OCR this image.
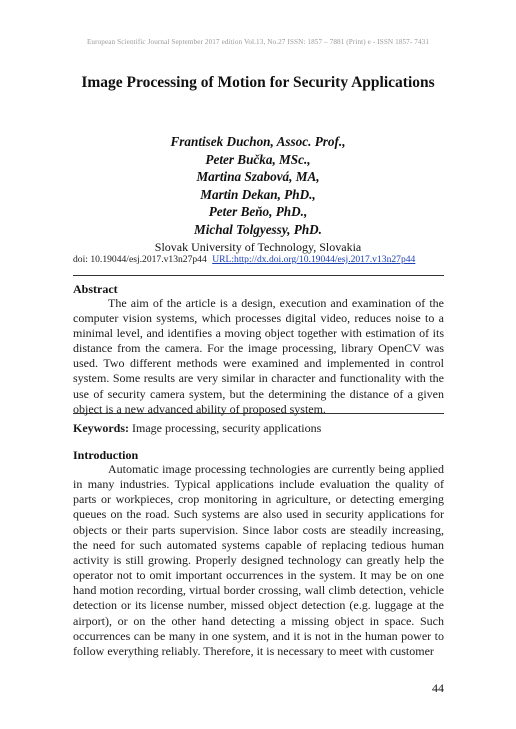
European Scientific Journal September 2017 edition Vol.13, No.27 ISSN: 1857 – 7881 (Print) e - ISSN 1857- 7431
Image Processing of Motion for Security Applications
Frantisek Duchon, Assoc. Prof.,
Peter Bučka, MSc.,
Martina Szabová, MA,
Martin Dekan, PhD.,
Peter Beňo, PhD.,
Michal Tolgyessy, PhD.
Slovak University of Technology, Slovakia
doi: 10.19044/esj.2017.v13n27p44 URL:http://dx.doi.org/10.19044/esj.2017.v13n27p44
Abstract

The aim of the article is a design, execution and examination of the computer vision systems, which processes digital video, reduces noise to a minimal level, and identifies a moving object together with estimation of its distance from the camera. For the image processing, library OpenCV was used. Two different methods were examined and implemented in control system. Some results are very similar in character and functionality with the use of security camera system, but the determining the distance of a given object is a new advanced ability of proposed system.

Keywords: Image processing, security applications
Introduction

Automatic image processing technologies are currently being applied in many industries. Typical applications include evaluation the quality of parts or workpieces, crop monitoring in agriculture, or detecting emerging queues on the road. Such systems are also used in security applications for objects or their parts supervision. Since labor costs are steadily increasing, the need for such automated systems capable of replacing tedious human activity is still growing. Properly designed technology can greatly help the operator not to omit important occurrences in the system. It may be on one hand motion recording, virtual border crossing, wall climb detection, vehicle detection or its license number, missed object detection (e.g. luggage at the airport), or on the other hand detecting a missing object in space. Such occurrences can be many in one system, and it is not in the human power to follow everything reliably. Therefore, it is necessary to meet with customer

44
